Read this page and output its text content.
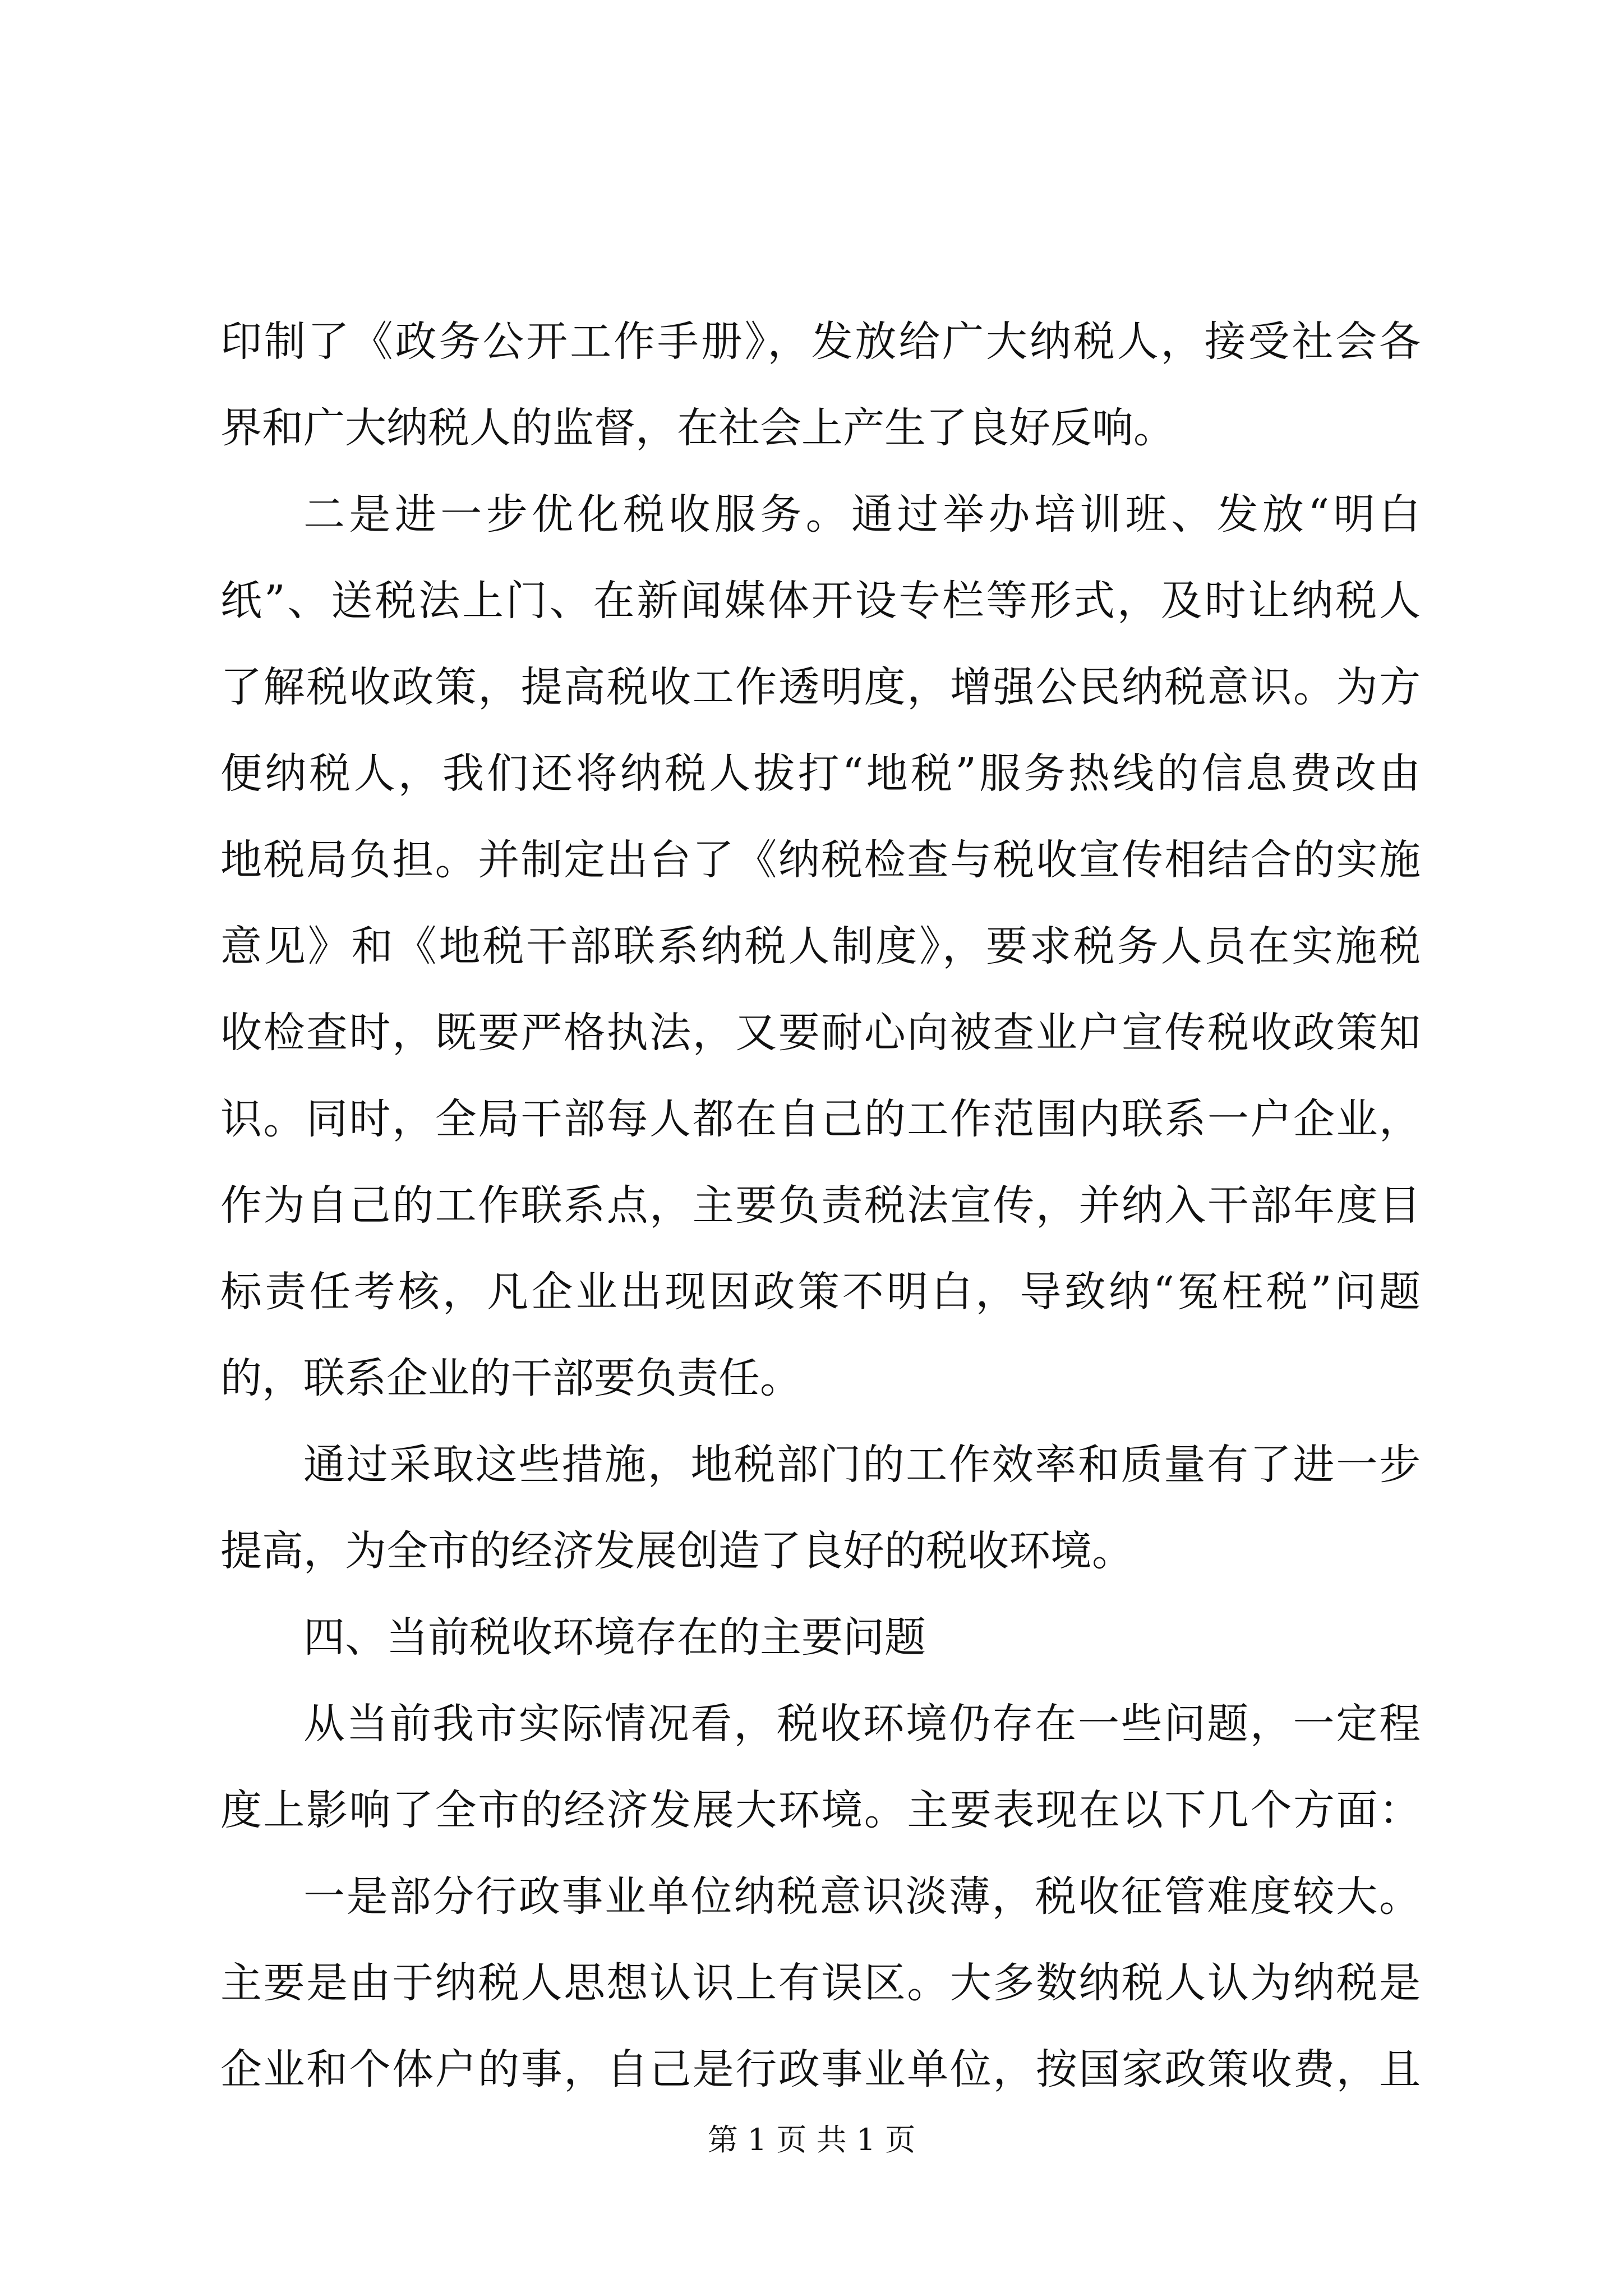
印制了《政务公开工作手册》，发放给广大纳税人，接受社会各
界和广大纳税人的监督，在社会上产生了良好反响。
二是进一步优化税收服务。通过举办培训班、发放“明白
纸”、送税法上门、在新闻媒体开设专栏等形式，及时让纳税人
了解税收政策，提高税收工作透明度，增强公民纳税意识。为方
便纳税人，我们还将纳税人拔打“地税”服务热线的信息费改由
地税局负担。并制定出台了《纳税检查与税收宣传相结合的实施
意见》和《地税干部联系纳税人制度》，要求税务人员在实施税
收检查时，既要严格执法，又要耐心向被查业户宣传税收政策知
识。同时，全局干部每人都在自己的工作范围内联系一户企业，
作为自己的工作联系点，主要负责税法宣传，并纳入干部年度目
标责任考核，凡企业出现因政策不明白，导致纳“冤枉税”问题
的，联系企业的干部要负责任。
通过采取这些措施，地税部门的工作效率和质量有了进一步
提高，为全市的经济发展创造了良好的税收环境。
四、当前税收环境存在的主要问题
从当前我市实际情况看，税收环境仍存在一些问题，一定程
度上影响了全市的经济发展大环境。主要表现在以下几个方面：
一是部分行政事业单位纳税意识淡薄，税收征管难度较大。
主要是由于纳税人思想认识上有误区。大多数纳税人认为纳税是
企业和个体户的事，自己是行政事业单位，按国家政策收费，且
第 1 页 共 1 页
